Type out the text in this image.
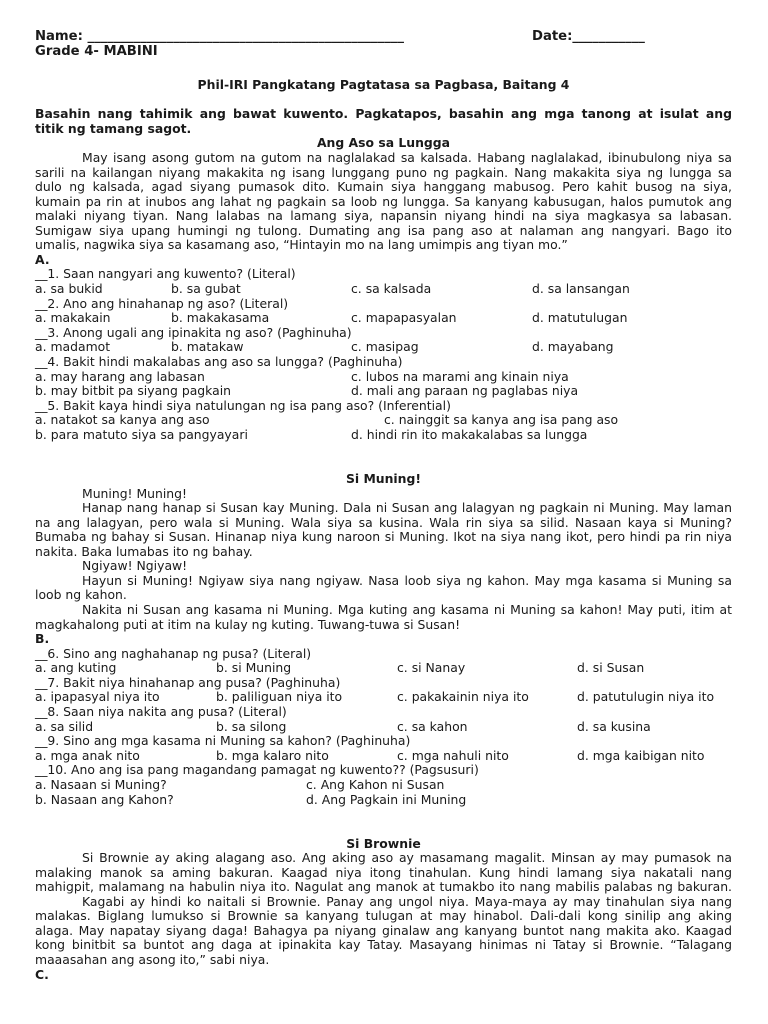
Name: ________________________________________________	Date:___________
Grade 4- MABINI
Phil-IRI Pangkatang Pagtatasa sa Pagbasa, Baitang 4
Basahin nang tahimik ang bawat kuwento. Pagkatapos, basahin ang mga tanong at isulat ang
titik ng tamang sagot.
Ang Aso sa Lungga
May isang asong gutom na gutom na naglalakad sa kalsada. Habang naglalakad, ibinubulong niya sa
sarili na kailangan niyang makakita ng isang lunggang puno ng pagkain. Nang makakita siya ng lungga sa
dulo ng kalsada, agad siyang pumasok dito. Kumain siya hanggang mabusog. Pero kahit busog na siya,
kumain pa rin at inubos ang lahat ng pagkain sa loob ng lungga. Sa kanyang kabusugan, halos pumutok ang
malaki niyang tiyan. Nang lalabas na lamang siya, napansin niyang hindi na siya magkasya sa labasan.
Sumigaw siya upang humingi ng tulong. Dumating ang isa pang aso at nalaman ang nangyari. Bago ito
umalis, nagwika siya sa kasamang aso, “Hintayin mo na lang umimpis ang tiyan mo.”
A.
__1. Saan nangyari ang kuwento? (Literal)
a. sa bukid	b. sa gubat	c. sa kalsada	d. sa lansangan
__2. Ano ang hinahanap ng aso? (Literal)
a. makakain	b. makakasama	c. mapapasyalan	d. matutulugan
__3. Anong ugali ang ipinakita ng aso? (Paghinuha)
a. madamot	b. matakaw	c. masipag	d. mayabang
__4. Bakit hindi makalabas ang aso sa lungga? (Paghinuha)
a. may harang ang labasan	c. lubos na marami ang kinain niya
b. may bitbit pa siyang pagkain	d. mali ang paraan ng paglabas niya
__5. Bakit kaya hindi siya natulungan ng isa pang aso? (Inferential)
a. natakot sa kanya ang aso	c. nainggit sa kanya ang isa pang aso
b. para matuto siya sa pangyayari	d. hindi rin ito makakalabas sa lungga
Si Muning!
Muning! Muning!
Hanap nang hanap si Susan kay Muning. Dala ni Susan ang lalagyan ng pagkain ni Muning. May laman
na ang lalagyan, pero wala si Muning. Wala siya sa kusina. Wala rin siya sa silid. Nasaan kaya si Muning?
Bumaba ng bahay si Susan. Hinanap niya kung naroon si Muning. Ikot na siya nang ikot, pero hindi pa rin niya
nakita. Baka lumabas ito ng bahay.
Ngiyaw! Ngiyaw!
Hayun si Muning! Ngiyaw siya nang ngiyaw. Nasa loob siya ng kahon. May mga kasama si Muning sa
loob ng kahon.
Nakita ni Susan ang kasama ni Muning. Mga kuting ang kasama ni Muning sa kahon! May puti, itim at
magkahalong puti at itim na kulay ng kuting. Tuwang-tuwa si Susan!
B.
__6. Sino ang naghahanap ng pusa? (Literal)
a. ang kuting	b. si Muning	c. si Nanay	d. si Susan
__7. Bakit niya hinahanap ang pusa? (Paghinuha)
a. ipapasyal niya ito	b. paliliguan niya ito	c. pakakainin niya ito	d. patutulugin niya ito
__8. Saan niya nakita ang pusa? (Literal)
a. sa silid	b. sa silong	c. sa kahon	d. sa kusina
__9. Sino ang mga kasama ni Muning sa kahon? (Paghinuha)
a. mga anak nito	b. mga kalaro nito	c. mga nahuli nito	d. mga kaibigan nito
__10. Ano ang isa pang magandang pamagat ng kuwento?? (Pagsusuri)
a. Nasaan si Muning?	c. Ang Kahon ni Susan
b. Nasaan ang Kahon?	d. Ang Pagkain ini Muning
Si Brownie
Si Brownie ay aking alagang aso. Ang aking aso ay masamang magalit. Minsan ay may pumasok na
malaking manok sa aming bakuran. Kaagad niya itong tinahulan. Kung hindi lamang siya nakatali nang
mahigpit, malamang na habulin niya ito. Nagulat ang manok at tumakbo ito nang mabilis palabas ng bakuran.
Kagabi ay hindi ko naitali si Brownie. Panay ang ungol niya. Maya-maya ay may tinahulan siya nang
malakas. Biglang lumukso si Brownie sa kanyang tulugan at may hinabol. Dali-dali kong sinilip ang aking
alaga. May napatay siyang daga! Bahagya pa niyang ginalaw ang kanyang buntot nang makita ako. Kaagad
kong binitbit sa buntot ang daga at ipinakita kay Tatay. Masayang hinimas ni Tatay si Brownie. “Talagang
maaasahan ang asong ito,” sabi niya.
C.
